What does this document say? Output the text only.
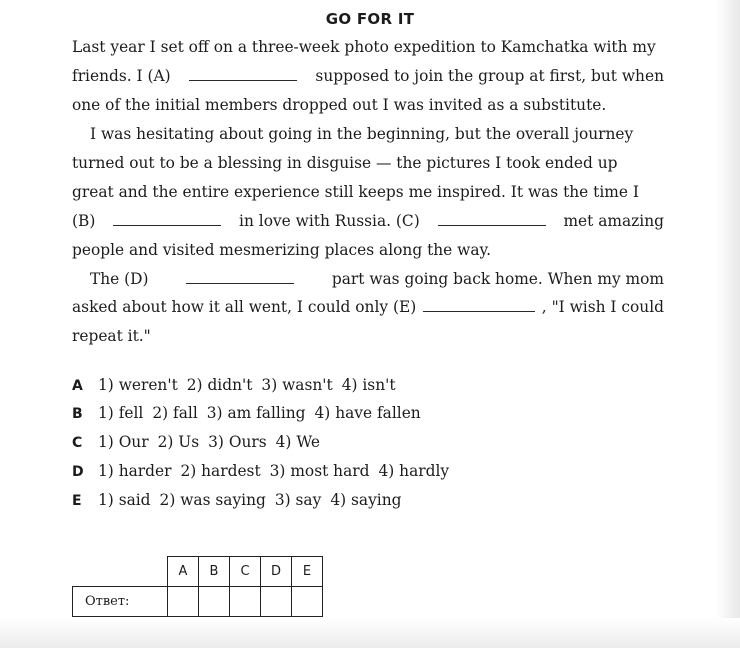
GO FOR IT
Last year I set off on a three-week photo expedition to Kamchatka with my
friends. I (A)	supposed to join the group at first, but when
one of the initial members dropped out I was invited as a substitute.
I was hesitating about going in the beginning, but the overall journey
turned out to be a blessing in disguise — the pictures I took ended up
great and the entire experience still keeps me inspired. It was the time I
(B)	in love with Russia. (C)	met amazing
people and visited mesmerizing places along the way.
The (D)	part was going back home. When my mom
asked about how it all went, I could only (E)	, "I wish I could
repeat it."
A 1) weren't 2) didn't 3) wasn't 4) isn't
B 1) fell 2) fall 3) am falling 4) have fallen
C	1) Our 2) Us 3) Ours 4) We
D 1) harder 2) hardest 3) most hard 4) hardly
E	1) said 2) was saying 3) say 4) saying
	A	B	C	D	E
Ответ:					
